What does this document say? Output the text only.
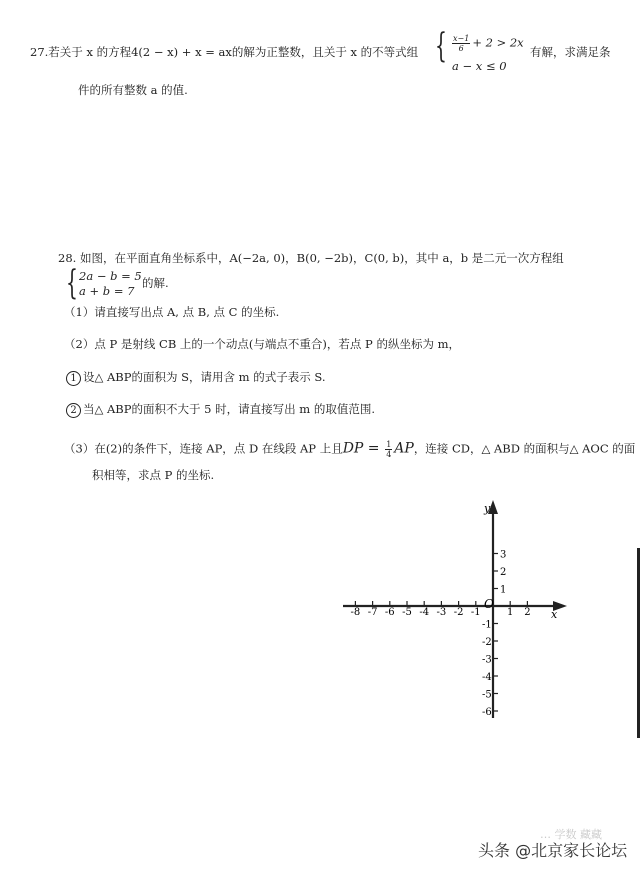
27.若关于 x 的方程4(2 − x) + x = ax的解为正整数，且关于 x 的不等式组 { $\frac{x-1}{6} + 2 > 2x$
a − x ≤ 0
有解，求满足条
件的所有整数 a 的值.
28. 如图，在平面直角坐标系中，A(−2a, 0)，B(0, −2b)，C(0, b)，其中 a，b 是二元一次方程组
{ 2a − b = 5
a + b = 7
的解.
（1）请直接写出点 A, 点 B, 点 C 的坐标.
（2）点 P 是射线 CB 上的一个动点(与端点不重合)，若点 P 的纵坐标为 m，
1 设△ ABP的面积为 S，请用含 m 的式子表示 S.
2 当△ ABP的面积不大于 5 时，请直接写出 m 的取值范围.
（3）在(2)的条件下，连接 AP，点 D 在线段 AP 上且DP = $\frac{1}{4}$ AP，连接 CD，△ ABD 的面积与△ AOC 的面
积相等，求点 P 的坐标.
-8 -7 -6 -5 -4 -3 -2 -1	1 2
3
2
1
-1
-2
-3
-4
-5
-6
O
x
y
… 学数 藏藏
头条 @北京家长论坛
